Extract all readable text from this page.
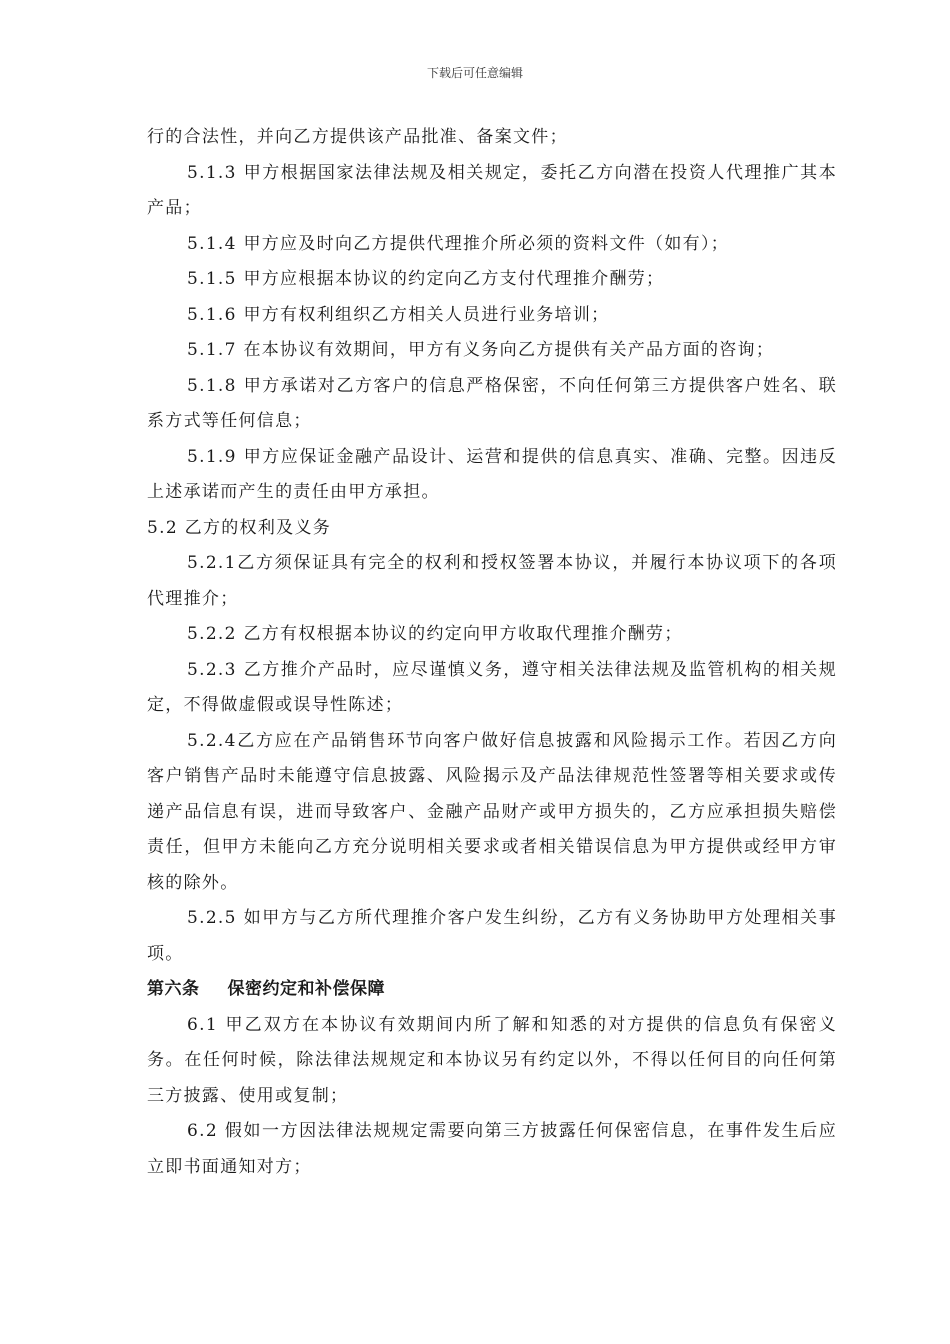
下载后可任意编辑

行的合法性，并向乙方提供该产品批准、备案文件；

5.1.3 甲方根据国家法律法规及相关规定，委托乙方向潜在投资人代理推广其本产品；

5.1.4 甲方应及时向乙方提供代理推介所必须的资料文件（如有）；

5.1.5 甲方应根据本协议的约定向乙方支付代理推介酬劳；

5.1.6 甲方有权利组织乙方相关人员进行业务培训；

5.1.7 在本协议有效期间，甲方有义务向乙方提供有关产品方面的咨询；

5.1.8 甲方承诺对乙方客户的信息严格保密，不向任何第三方提供客户姓名、联系方式等任何信息；

5.1.9 甲方应保证金融产品设计、运营和提供的信息真实、准确、完整。因违反上述承诺而产生的责任由甲方承担。

5.2 乙方的权利及义务

5.2.1乙方须保证具有完全的权利和授权签署本协议，并履行本协议项下的各项代理推介；

5.2.2 乙方有权根据本协议的约定向甲方收取代理推介酬劳；

5.2.3 乙方推介产品时，应尽谨慎义务，遵守相关法律法规及监管机构的相关规定，不得做虚假或误导性陈述；

5.2.4乙方应在产品销售环节向客户做好信息披露和风险揭示工作。若因乙方向客户销售产品时未能遵守信息披露、风险揭示及产品法律规范性签署等相关要求或传递产品信息有误，进而导致客户、金融产品财产或甲方损失的，乙方应承担损失赔偿责任，但甲方未能向乙方充分说明相关要求或者相关错误信息为甲方提供或经甲方审核的除外。

5.2.5 如甲方与乙方所代理推介客户发生纠纷，乙方有义务协助甲方处理相关事项。

第六条 保密约定和补偿保障

6.1 甲乙双方在本协议有效期间内所了解和知悉的对方提供的信息负有保密义务。在任何时候，除法律法规规定和本协议另有约定以外，不得以任何目的向任何第三方披露、使用或复制；

6.2 假如一方因法律法规规定需要向第三方披露任何保密信息，在事件发生后应立即书面通知对方；
